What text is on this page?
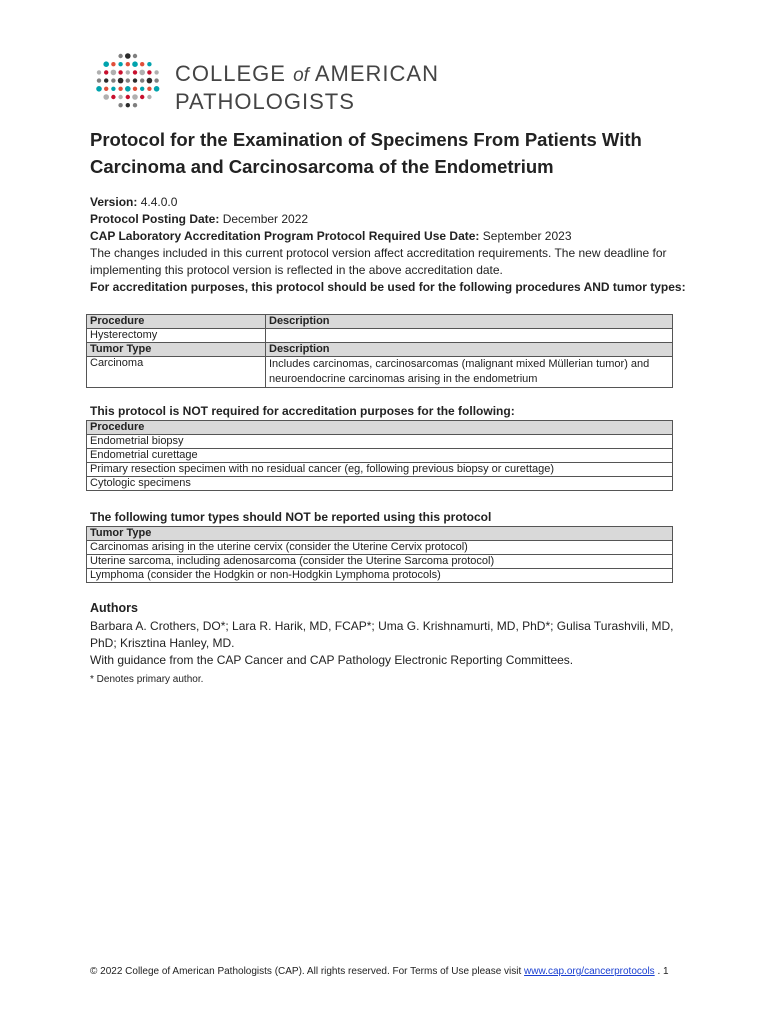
COLLEGE of AMERICAN
PATHOLOGISTS
Protocol for the Examination of Specimens From Patients With Carcinoma and Carcinosarcoma of the Endometrium

Version: 4.4.0.0

Protocol Posting Date: December 2022

CAP Laboratory Accreditation Program Protocol Required Use Date: September 2023

The changes included in this current protocol version affect accreditation requirements. The new deadline for implementing this protocol version is reflected in the above accreditation date.

For accreditation purposes, this protocol should be used for the following procedures AND tumor types:

Procedure	Description
Hysterectomy	
Tumor Type	Description
Carcinoma	Includes carcinomas, carcinosarcomas (malignant mixed Müllerian tumor) and neuroendocrine carcinomas arising in the endometrium
This protocol is NOT required for accreditation purposes for the following:
Procedure
Endometrial biopsy
Endometrial curettage
Primary resection specimen with no residual cancer (eg, following previous biopsy or curettage)
Cytologic specimens
The following tumor types should NOT be reported using this protocol
Tumor Type
Carcinomas arising in the uterine cervix (consider the Uterine Cervix protocol)
Uterine sarcoma, including adenosarcoma (consider the Uterine Sarcoma protocol)
Lymphoma (consider the Hodgkin or non-Hodgkin Lymphoma protocols)

Authors

Barbara A. Crothers, DO*; Lara R. Harik, MD, FCAP*; Uma G. Krishnamurti, MD, PhD*; Gulisa Turashvili, MD, PhD; Krisztina Hanley, MD.

With guidance from the CAP Cancer and CAP Pathology Electronic Reporting Committees.

* Denotes primary author.

© 2022 College of American Pathologists (CAP). All rights reserved. For Terms of Use please visit www.cap.org/cancerprotocols . 1
